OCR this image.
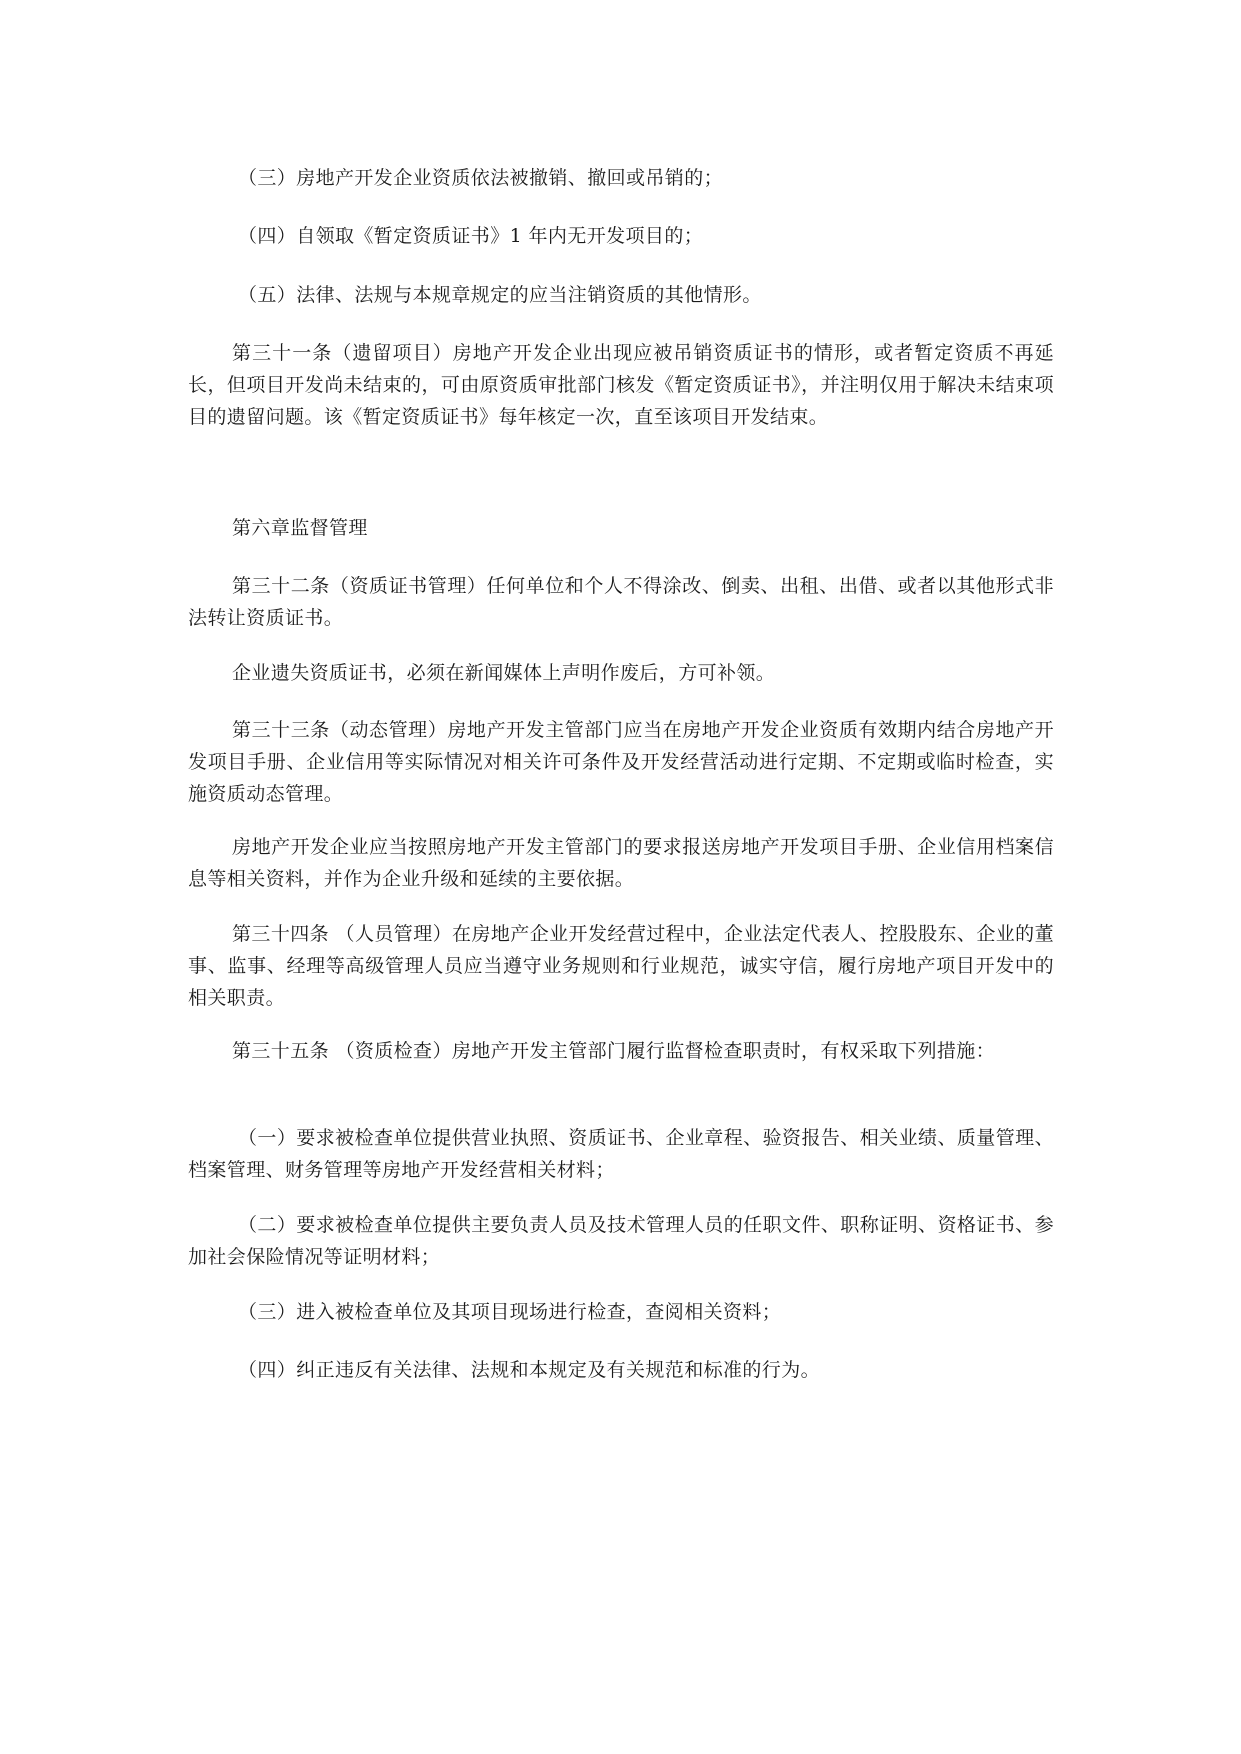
（三）房地产开发企业资质依法被撤销、撤回或吊销的；

（四）自领取《暂定资质证书》1 年内无开发项目的；

（五）法律、法规与本规章规定的应当注销资质的其他情形。

第三十一条（遗留项目）房地产开发企业出现应被吊销资质证书的情形，或者暂定资质不再延长，但项目开发尚未结束的，可由原资质审批部门核发《暂定资质证书》，并注明仅用于解决未结束项目的遗留问题。该《暂定资质证书》每年核定一次，直至该项目开发结束。

第六章监督管理

第三十二条（资质证书管理）任何单位和个人不得涂改、倒卖、出租、出借、或者以其他形式非法转让资质证书。

企业遗失资质证书，必须在新闻媒体上声明作废后，方可补领。

第三十三条（动态管理）房地产开发主管部门应当在房地产开发企业资质有效期内结合房地产开发项目手册、企业信用等实际情况对相关许可条件及开发经营活动进行定期、不定期或临时检查，实施资质动态管理。

房地产开发企业应当按照房地产开发主管部门的要求报送房地产开发项目手册、企业信用档案信息等相关资料，并作为企业升级和延续的主要依据。

第三十四条 （人员管理）在房地产企业开发经营过程中，企业法定代表人、控股股东、企业的董事、监事、经理等高级管理人员应当遵守业务规则和行业规范，诚实守信，履行房地产项目开发中的相关职责。

第三十五条 （资质检查）房地产开发主管部门履行监督检查职责时，有权采取下列措施：

（一）要求被检查单位提供营业执照、资质证书、企业章程、验资报告、相关业绩、质量管理、档案管理、财务管理等房地产开发经营相关材料；

（二）要求被检查单位提供主要负责人员及技术管理人员的任职文件、职称证明、资格证书、参加社会保险情况等证明材料；

（三）进入被检查单位及其项目现场进行检查，查阅相关资料；

（四）纠正违反有关法律、法规和本规定及有关规范和标准的行为。
